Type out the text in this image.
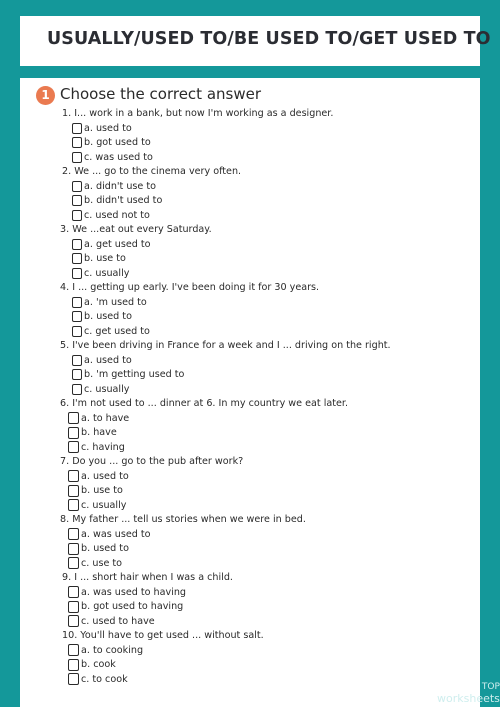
USUALLY/USED TO/BE USED TO/GET USED TO
1 Choose the correct answer
1. I... work in a bank, but now I'm working as a designer.
a. used to
b. got used to
c. was used to
2. We ... go to the cinema very often.
a. didn't use to
b. didn't used to
c. used not to
3. We ...eat out every Saturday.
a. get used to
b. use to
c. usually
4. I ... getting up early. I've been doing it for 30 years.
a. 'm used to
b. used to
c. get used to
5. I've been driving in France for a week and I ... driving on the right.
a. used to
b. 'm getting used to
c. usually
6. I'm not used to ... dinner at 6. In my country we eat later.
a. to have
b. have
c. having
7. Do you ... go to the pub after work?
a. used to
b. use to
c. usually
8. My father ... tell us stories when we were in bed.
a. was used to
b. used to
c. use to
9. I ... short hair when I was a child.
a. was used to having
b. got used to having
c. used to have
10. You'll have to get used ... without salt.
a. to cooking
b. cook
c. to cook
TOP
worksheets
